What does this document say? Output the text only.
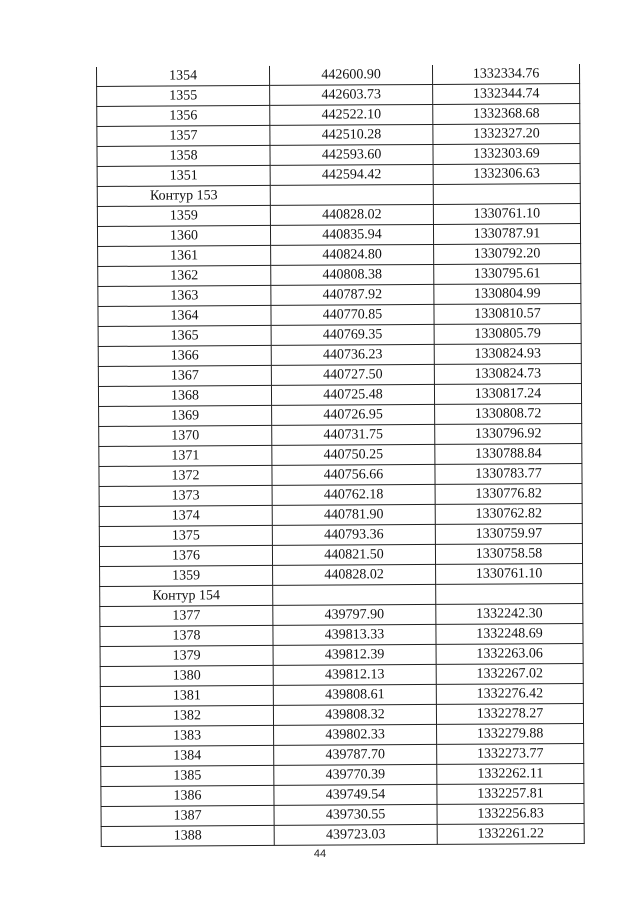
1354	442600.90	1332334.76
1355	442603.73	1332344.74
1356	442522.10	1332368.68
1357	442510.28	1332327.20
1358	442593.60	1332303.69
1351	442594.42	1332306.63
Контур 153		
1359	440828.02	1330761.10
1360	440835.94	1330787.91
1361	440824.80	1330792.20
1362	440808.38	1330795.61
1363	440787.92	1330804.99
1364	440770.85	1330810.57
1365	440769.35	1330805.79
1366	440736.23	1330824.93
1367	440727.50	1330824.73
1368	440725.48	1330817.24
1369	440726.95	1330808.72
1370	440731.75	1330796.92
1371	440750.25	1330788.84
1372	440756.66	1330783.77
1373	440762.18	1330776.82
1374	440781.90	1330762.82
1375	440793.36	1330759.97
1376	440821.50	1330758.58
1359	440828.02	1330761.10
Контур 154		
1377	439797.90	1332242.30
1378	439813.33	1332248.69
1379	439812.39	1332263.06
1380	439812.13	1332267.02
1381	439808.61	1332276.42
1382	439808.32	1332278.27
1383	439802.33	1332279.88
1384	439787.70	1332273.77
1385	439770.39	1332262.11
1386	439749.54	1332257.81
1387	439730.55	1332256.83
1388	439723.03	1332261.22
44
